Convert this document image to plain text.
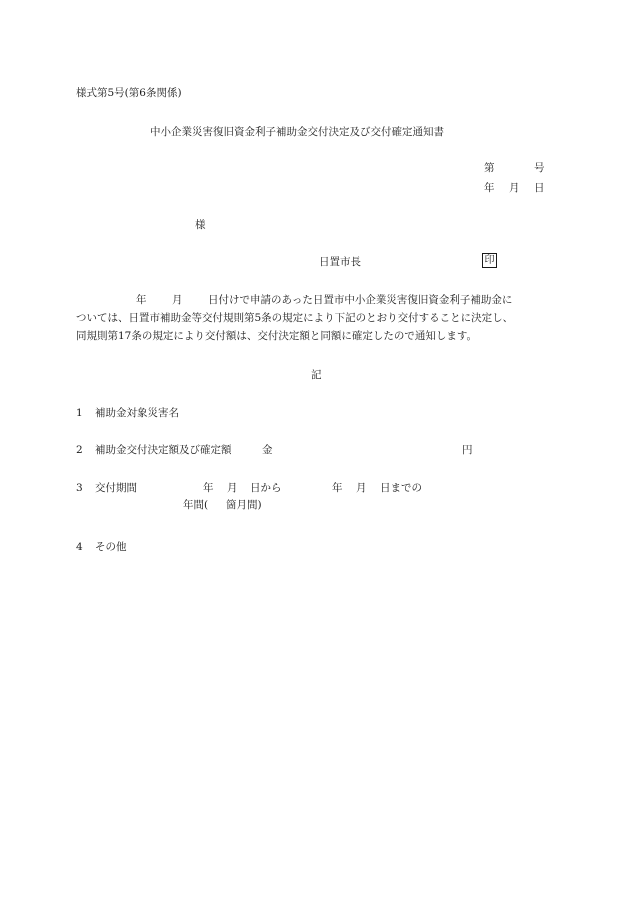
様式第5号(第6条関係)
中小企業災害復旧資金利子補助金交付決定及び交付確定通知書
第	号
年 月 日
様
日置市長	印
年 月 日付けで申請のあった日置市中小企業災害復旧資金利子補助金に
ついては、日置市補助金等交付規則第5条の規定により下記のとおり交付することに決定し、
同規則第17条の規定により交付額は、交付決定額と同額に確定したので通知します。
記
1 補助金対象災害名
2 補助金交付決定額及び確定額	金	円
3 交付期間	年 月 日から	年 月 日までの
年間( 箇月間)
4 その他
